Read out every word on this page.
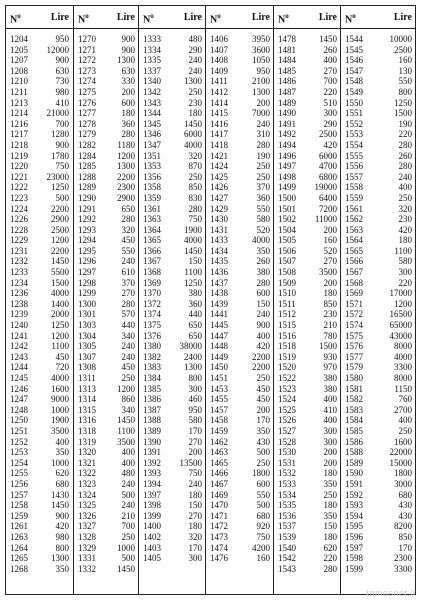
$N^o$	Lire
1204	950
1205 12000
1207	900
1208	630
1210	730
1211	980
1213	410
1214 21000
1216	700
1217	1280
1218	900
1219	1780
1220	750
1221 23000
1222	1250
1223	500
1224	2200
1226	2900
1228	2500
1229	1200
1231	2200
1232	1450
1233	5500
1234	1500
1236	4000
1238	1400
1239	2000
1240	1250
1241	1200
1242	1100
1243	450
1244	720
1245	4000
1246	1600
1247	9000
1248	1000
1250	1900
1251	3500
1252	400
1253	350
1254	1000
1255	620
1256	680
1257	1430
1258	1450
1259	900
1261	420
1263	980
1264	800
1265	1300
1268	350
$N^o$	Lire
1270	900
1271	900
1272 1300
1273	630
1274	330
1275	200
1276	600
1277	180
1278	360
1279	280
1282 1180
1284 1200
1285 1300
1288 2200
1289 2300
1290 2900
1291	650
1292	280
1293	320
1294	450
1295	550
1296	240
1297	610
1298	370
1299	270
1300	280
1301	570
1303	440
1304	340
1305	240
1307	240
1308	450
1311	250
1313 1200
1314	860
1315	340
1316 1450
1318 1100
1319 3500
1320	400
1321	400
1322	480
1323	240
1324	500
1325	240
1326	210
1327	700
1328	250
1329 1000
1331	500
1332 1450
$N^o$	Lire
1333	480
1334	290
1335	240
1337	240
1340	1300
1342	250
1343	230
1344	180
1345	1450
1346	6000
1347	4000
1351	320
1353	870
1356	250
1358	850
1359	830
1361	280
1363	750
1364	1900
1365	4000
1366	1450
1367	150
1368	1100
1369	1250
1370	380
1372	360
1374	440
1375	650
1376	650
1380 38000
1382	2400
1383	1300
1384	800
1385	300
1386	460
1387	950
1388	580
1389	170
1390	270
1391	200
1392 13500
1393	750
1394	240
1397	180
1398	150
1399	270
1400	180
1402	320
1403	170
1405	300
$N^o$	Lire
1406	3950
1407	3600
1408	1050
1409	950
1411	2100
1412	1300
1414	200
1415	7000
1416	240
1417	310
1418	280
1421	190
1424	250
1425	250
1426	370
1427	360
1429	550
1430	580
1431	520
1433	4000
1434	350
1435	260
1436	380
1437	280
1438	600
1439	150
1441	240
1445	900
1447	400
1448	420
1449	2200
1450	2200
1451	250
1453	450
1455	450
1457	200
1458	170
1459	350
1462	430
1463	500
1465	250
1466	1800
1467	600
1469	550
1470	500
1471	680
1472	920
1473	750
1474	4200
1476	160
$N^o$	Lire
1478	1450
1481	260
1484	400
1485	270
1486	700
1487	220
1489	510
1490	300
1491	290
1492	2500
1494	420
1496	6000
1497	4700
1498	6800
1499 19000
1500	6400
1501	7200
1502 11000
1504	200
1505	160
1506	520
1507	270
1508	3500
1509	200
1510	180
1511	850
1512	230
1515	210
1516	780
1518	1500
1519	930
1520	970
1522	380
1523	380
1524	400
1525	410
1526	400
1527	300
1528	300
1530	200
1531	200
1532	180
1533	350
1534	250
1535	180
1536	350
1537	150
1539	180
1540	620
1542	220
1543	280
$N^o$	Lire
1544	10000
1545	2500
1546	160
1547	130
1548	550
1549	800
1550	1250
1551	1500
1552	190
1553	220
1554	280
1555	260
1556	280
1557	240
1558	400
1559	250
1561	320
1562	230
1563	420
1564	180
1565	1100
1566	580
1567	300
1568	220
1569	17000
1571	1200
1572	16500
1574	65000
1575	43000
1576	8000
1577	4000
1579	3300
1580	8000
1581	1150
1582	760
1583	2700
1584	400
1585	250
1586	1600
1588	22000
1589	15000
1590	1800
1591	3000
1592	680
1593	430
1594	430
1595	8200
1596	850
1597	170
1598	2300
1599	3300
tamosnet.it
